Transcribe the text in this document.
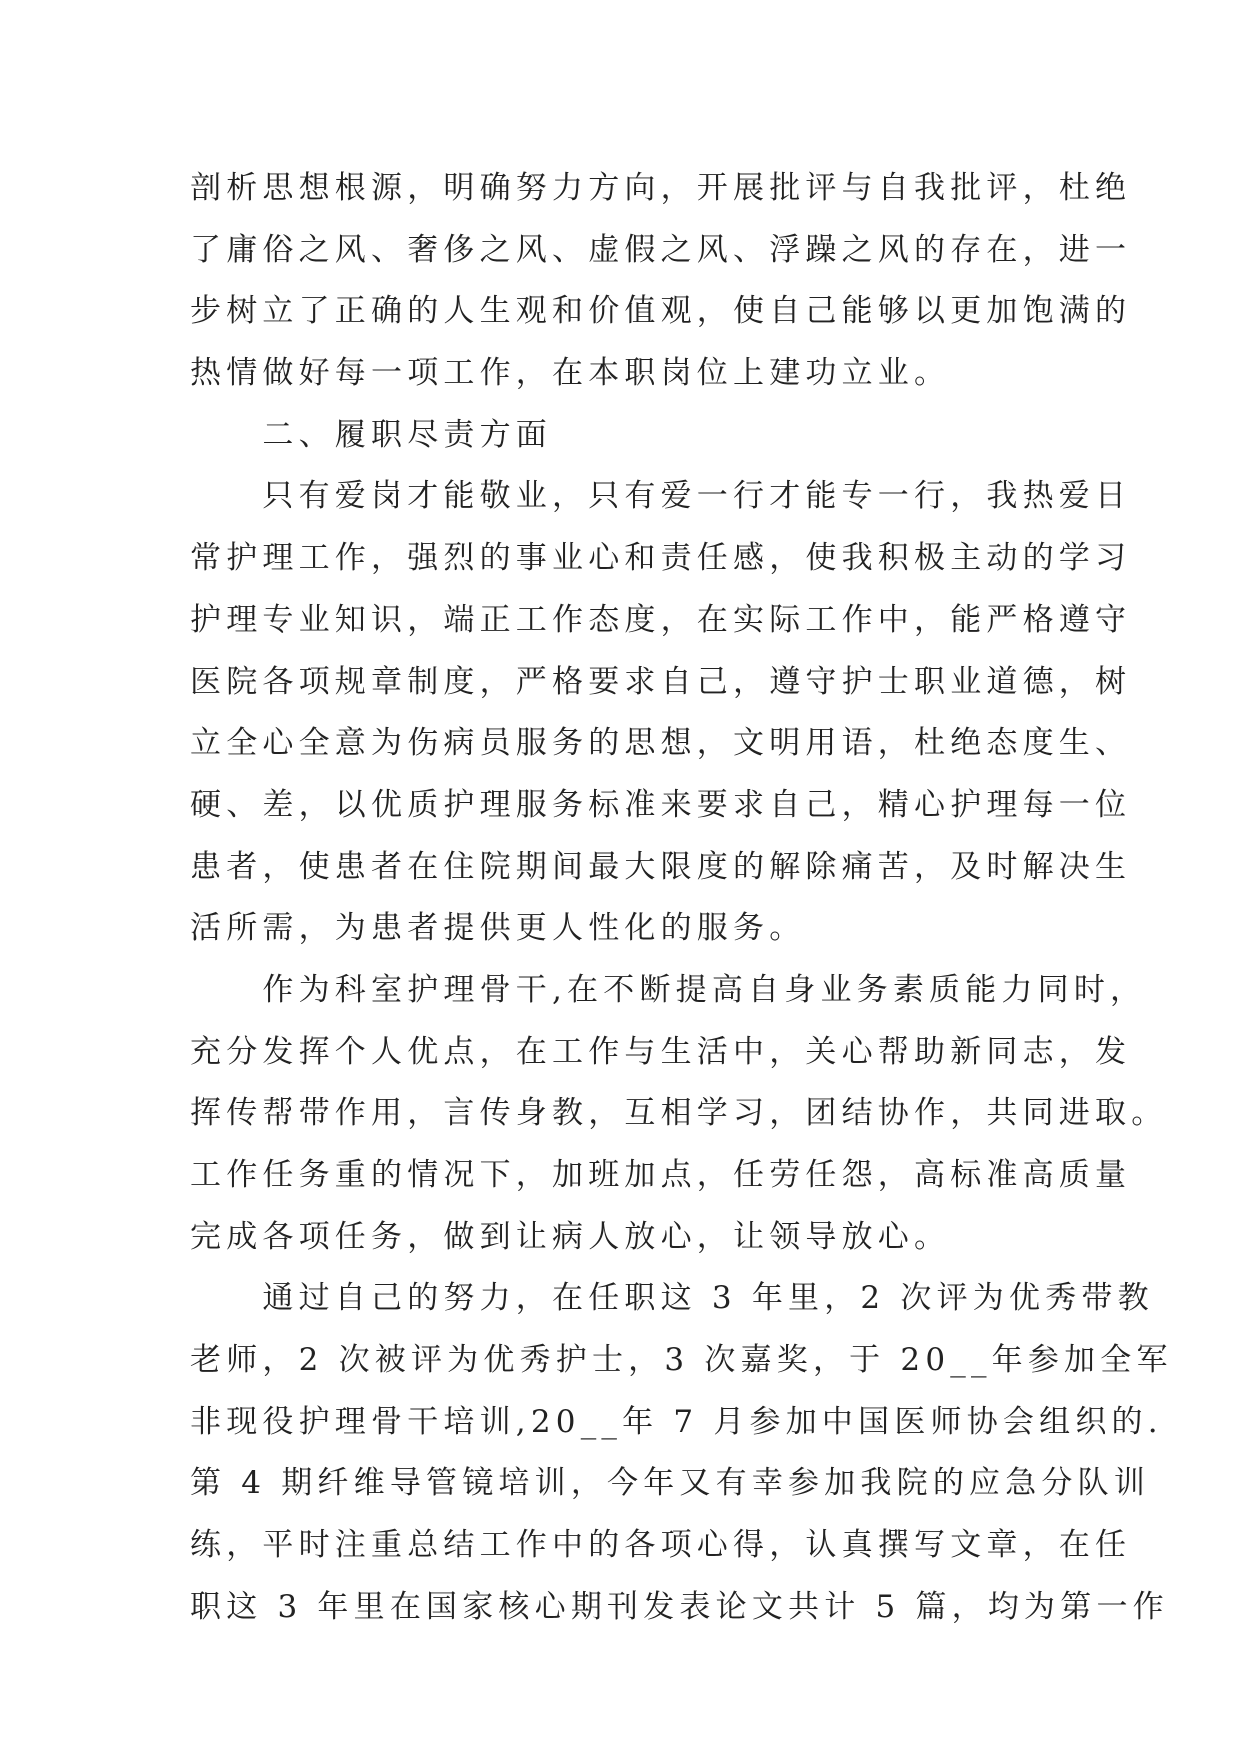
剖析思想根源，明确努力方向，开展批评与自我批评，杜绝
了庸俗之风、奢侈之风、虚假之风、浮躁之风的存在，进一
步树立了正确的人生观和价值观，使自己能够以更加饱满的
热情做好每一项工作，在本职岗位上建功立业。
　　二、履职尽责方面
　　只有爱岗才能敬业，只有爱一行才能专一行，我热爱日
常护理工作，强烈的事业心和责任感，使我积极主动的学习
护理专业知识，端正工作态度，在实际工作中，能严格遵守
医院各项规章制度，严格要求自己，遵守护士职业道德，树
立全心全意为伤病员服务的思想，文明用语，杜绝态度生、
硬、差，以优质护理服务标准来要求自己，精心护理每一位
患者，使患者在住院期间最大限度的解除痛苦，及时解决生
活所需，为患者提供更人性化的服务。
　　作为科室护理骨干,在不断提高自身业务素质能力同时，
充分发挥个人优点，在工作与生活中，关心帮助新同志，发
挥传帮带作用，言传身教，互相学习，团结协作，共同进取。
工作任务重的情况下，加班加点，任劳任怨，高标准高质量
完成各项任务，做到让病人放心，让领导放心。
　　通过自己的努力，在任职这 3 年里，2 次评为优秀带教
老师，2 次被评为优秀护士，3 次嘉奖，于 20__年参加全军
非现役护理骨干培训,20__年 7 月参加中国医师协会组织的.
第 4 期纤维导管镜培训，今年又有幸参加我院的应急分队训
练，平时注重总结工作中的各项心得，认真撰写文章，在任
职这 3 年里在国家核心期刊发表论文共计 5 篇，均为第一作
